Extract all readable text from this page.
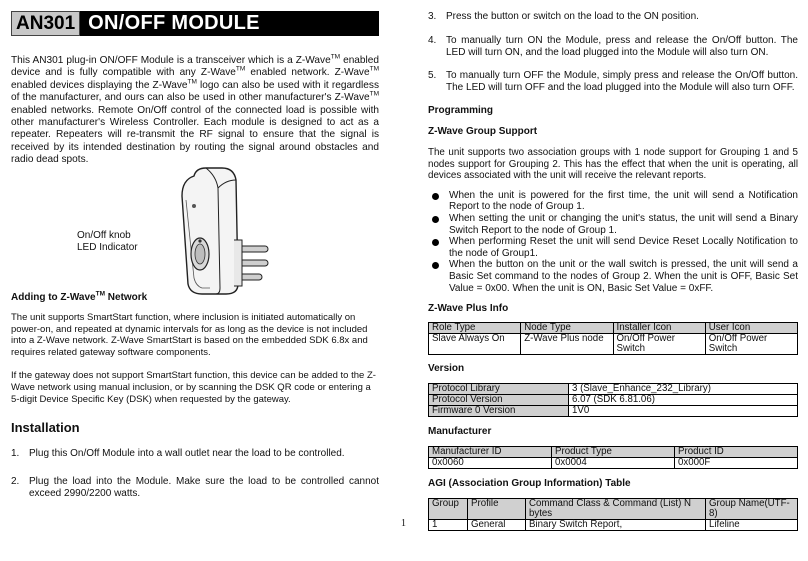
AN301 ON/OFF MODULE

This AN301 plug-in ON/OFF Module is a transceiver which is a Z-Wave™ enabled device and is fully compatible with any Z-Wave™ enabled network. Z-Wave™ enabled devices displaying the Z-Wave™ logo can also be used with it regardless of the manufacturer, and ours can also be used in other manufacturer's Z-Wave™ enabled networks. Remote On/Off control of the connected load is possible with other manufacturer's Wireless Controller. Each module is designed to act as a repeater. Repeaters will re-transmit the RF signal to ensure that the signal is received by its intended destination by routing the signal around obstacles and radio dead spots.

On/Off knob
LED Indicator
Adding to Z-Wave™ Network

The unit supports SmartStart function, where inclusion is initiated automatically on power-on, and repeated at dynamic intervals for as long as the device is not included into a Z-Wave network. Z-Wave SmartStart is based on the embedded SDK 6.8x and requires related gateway software components.

If the gateway does not support SmartStart function, this device can be added to the Z-Wave network using manual inclusion, or by scanning the DSK QR code or entering a 5-digit Device Specific Key (DSK) when requested by the gateway.

Installation
1. Plug this On/Off Module into a wall outlet near the load to be controlled.
2. Plug the load into the Module. Make sure the load to be controlled cannot exceed 2990/2200 watts.
3. Press the button or switch on the load to the ON position.
4. To manually turn ON the Module, press and release the On/Off button. The LED will turn ON, and the load plugged into the Module will also turn ON.
5. To manually turn OFF the Module, simply press and release the On/Off button. The LED will turn OFF and the load plugged into the Module will also turn OFF.
Programming
Z-Wave Group Support

The unit supports two association groups with 1 node support for Grouping 1 and 5 nodes support for Grouping 2. This has the effect that when the unit is operating, all devices associated with the unit will receive the relevant reports.

When the unit is powered for the first time, the unit will send a Notification Report to the node of Group 1.
When setting the unit or changing the unit's status, the unit will send a Binary Switch Report to the node of Group 1.
When performing Reset the unit will send Device Reset Locally Notification to the node of Group1.
When the button on the unit or the wall switch is pressed, the unit will send a Basic Set command to the nodes of Group 2. When the unit is OFF, Basic Set Value = 0x00. When the unit is ON, Basic Set Value = 0xFF.
Z-Wave Plus Info
Role Type	Node Type	Installer Icon	User Icon
Slave Always On	Z-Wave Plus node	On/Off Power Switch	On/Off Power Switch
Version
Protocol Library	3 (Slave_Enhance_232_Library)
Protocol Version	6.07 (SDK 6.81.06)
Firmware 0 Version	1V0
Manufacturer
Manufacturer ID	Product Type	Product ID
0x0060	0x0004	0x000F
AGI (Association Group Information) Table
Group	Profile	Command Class & Command (List) N bytes	Group Name(UTF-8)
1	General	Binary Switch Report,	Lifeline
1
